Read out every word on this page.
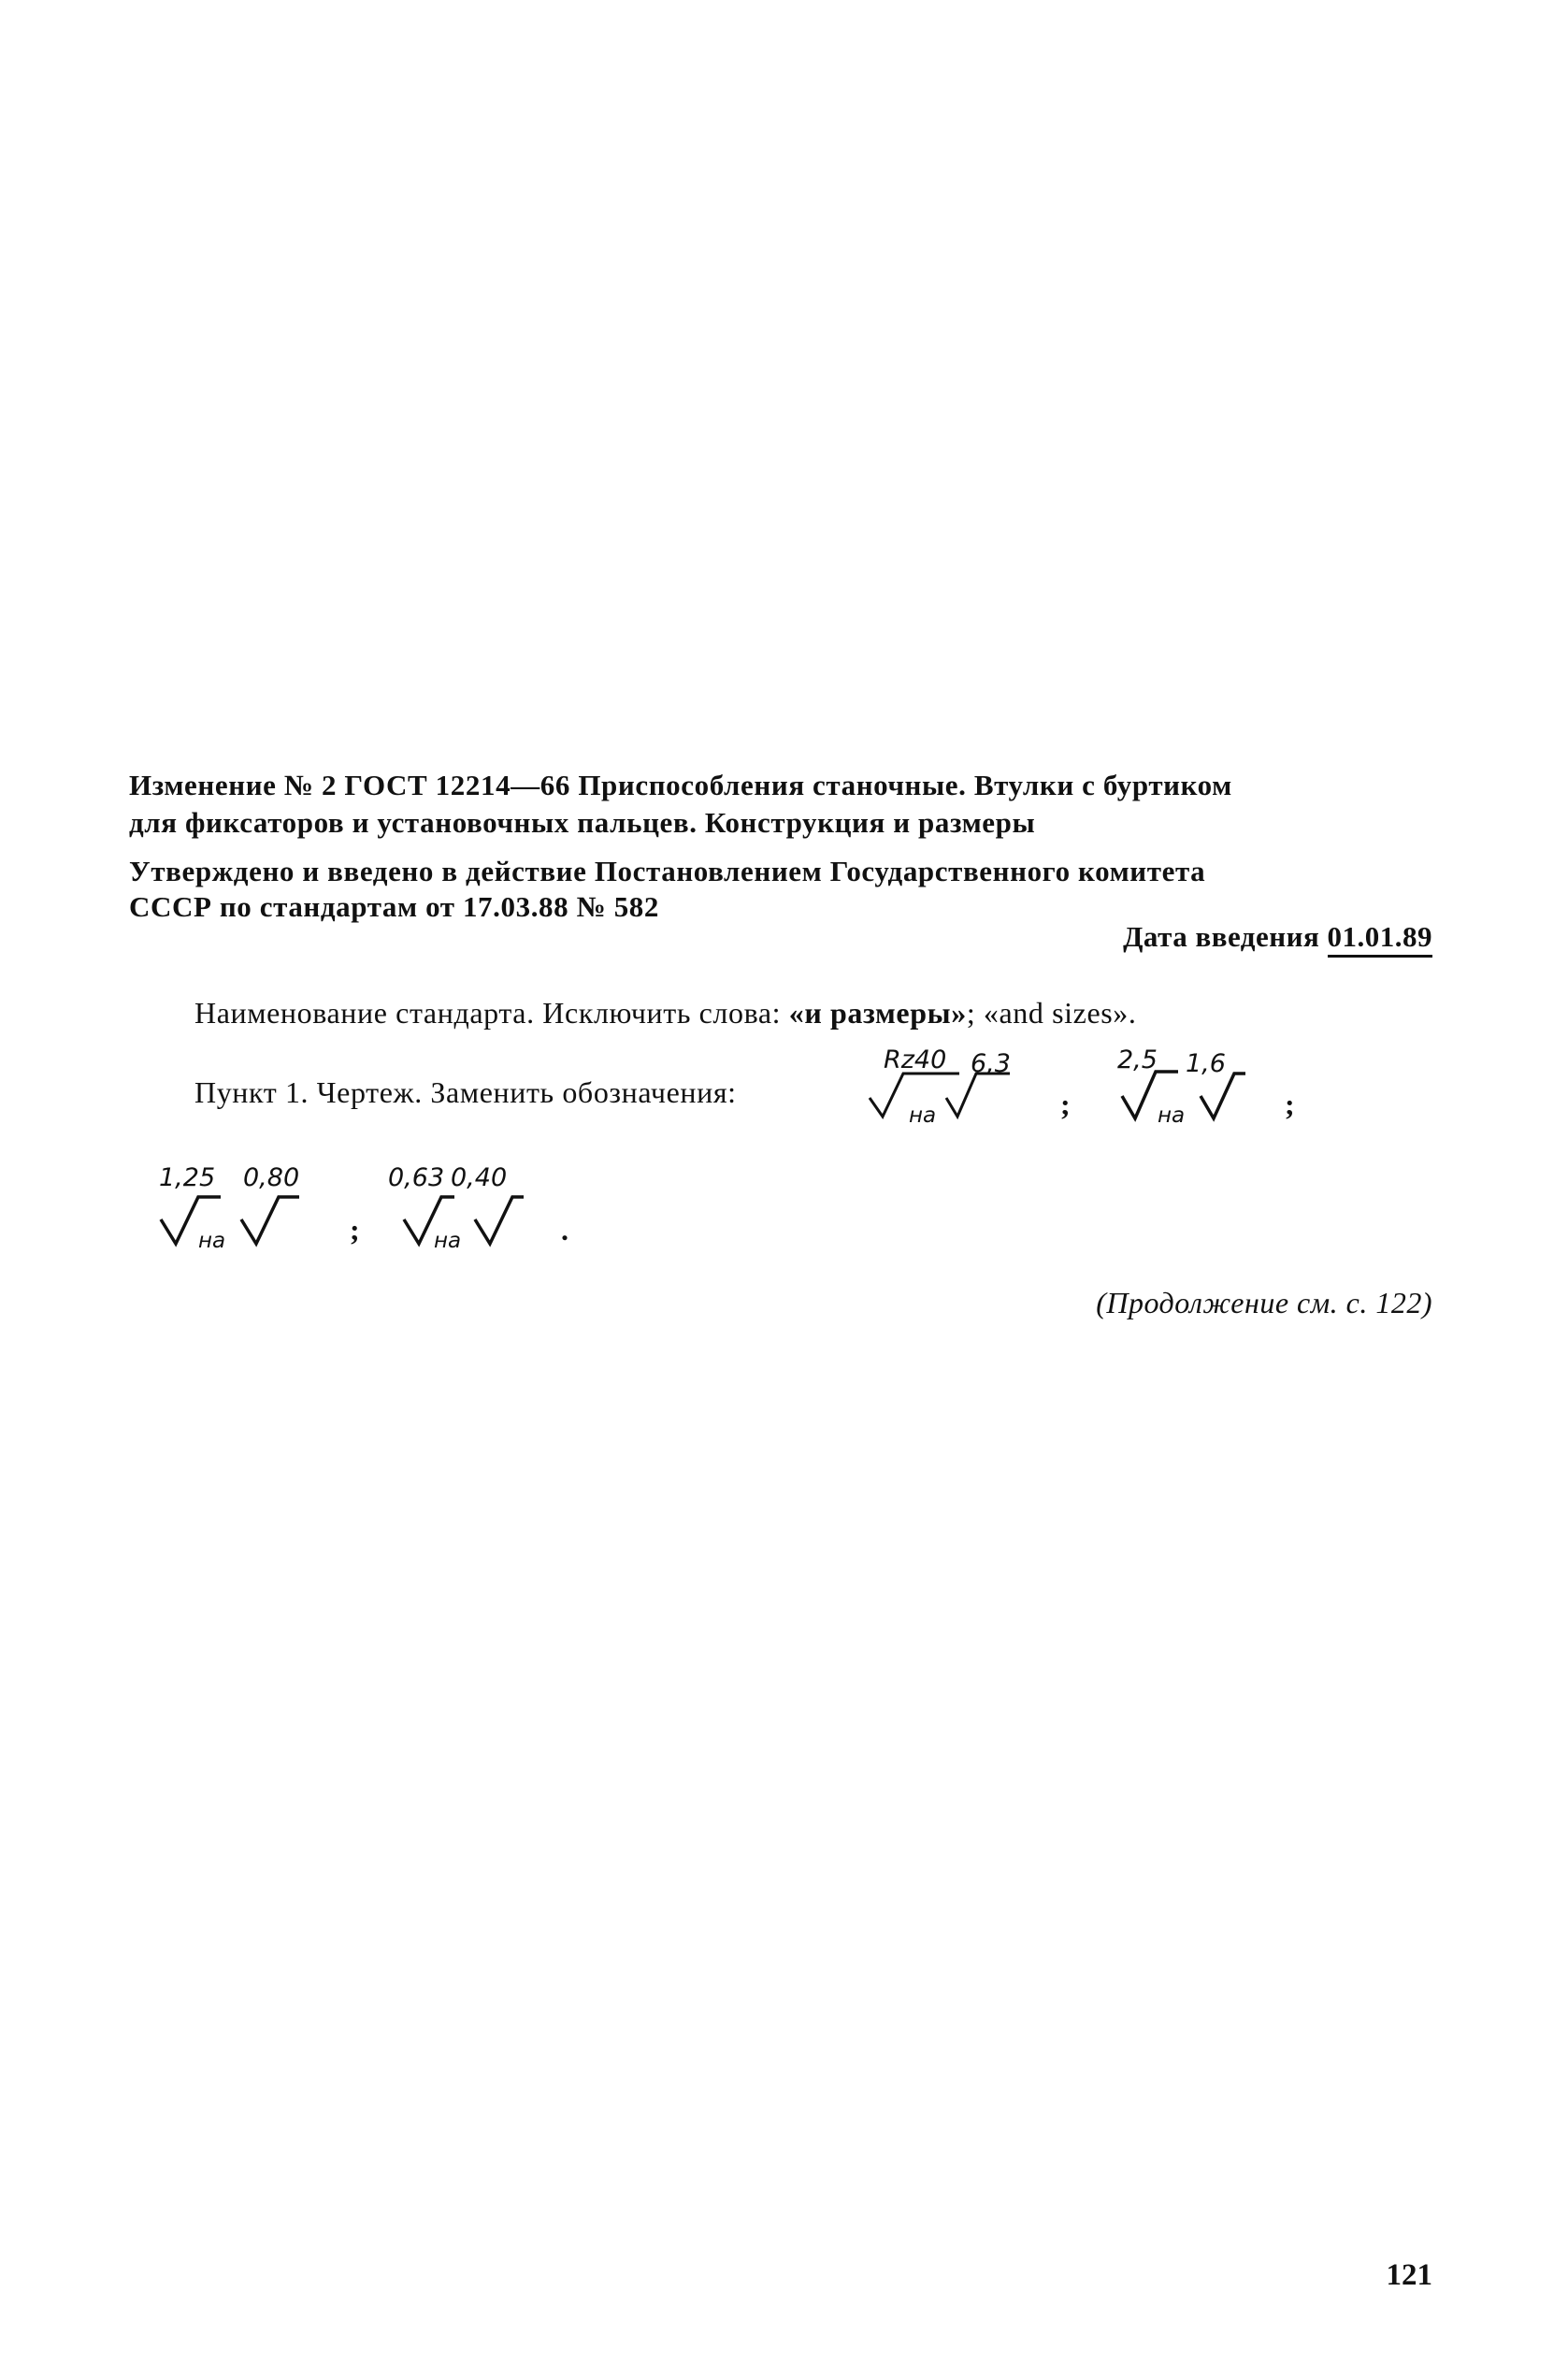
Изменение № 2 ГОСТ 12214—66 Приспособления станочные. Втулки с буртиком
для фиксаторов и установочных пальцев. Конструкция и размеры
Утверждено и введено в действие Постановлением Государственного комитета
СССР по стандартам от 17.03.88 № 582
Дата введения 01.01.89
Наименование стандарта. Исключить слова: «и размеры»; «and sizes».
Пункт 1. Чертеж. Заменить обозначения:
Rz40
на
6,3
;
2,5
на
1,6
;
1,25
на
0,80
;
0,63
на
0,40
.
(Продолжение см. с. 122)
121
